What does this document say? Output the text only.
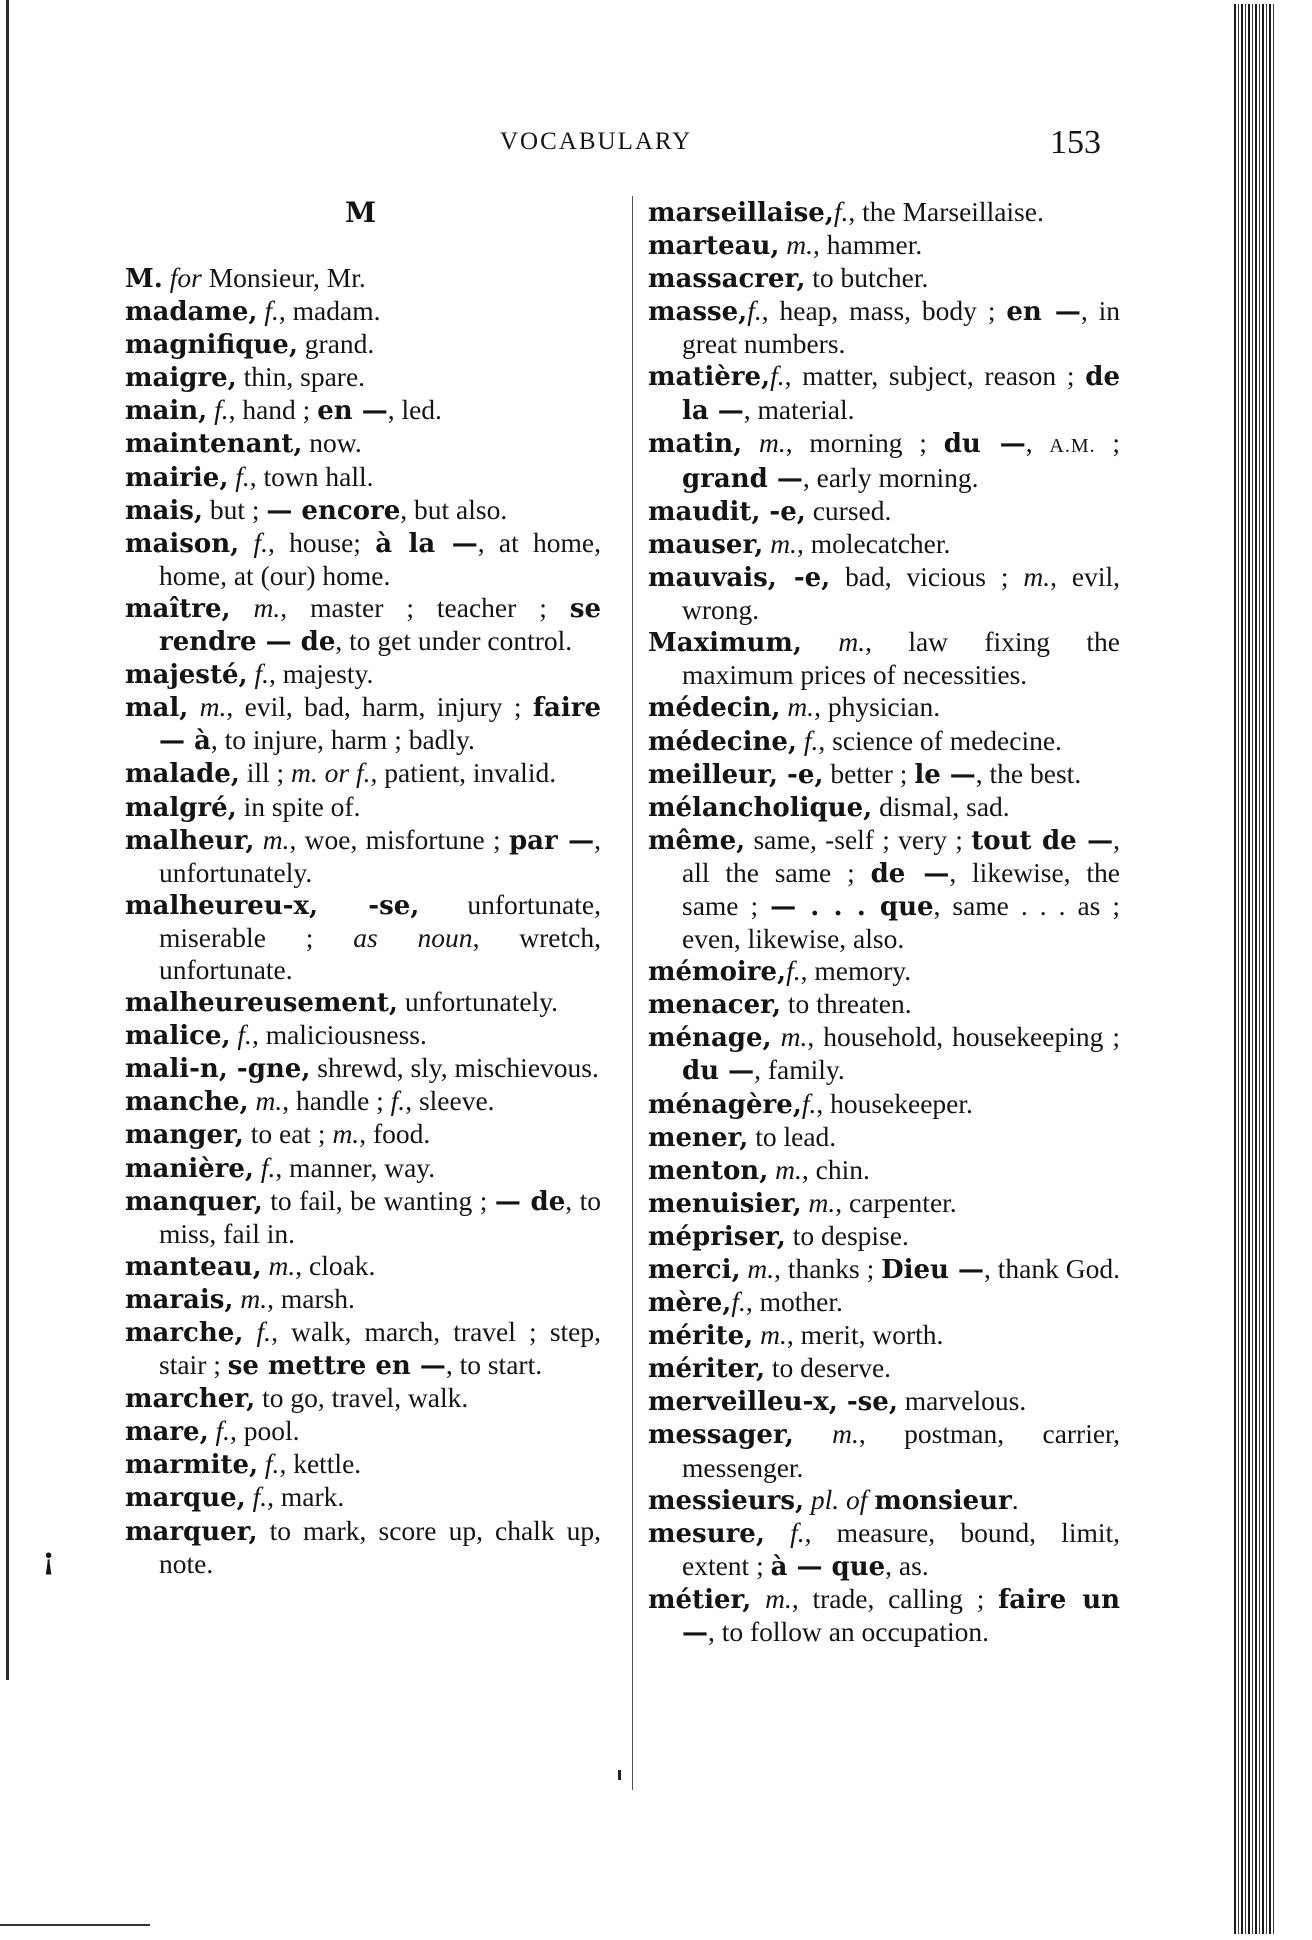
VOCABULARY	153
M

M. for Monsieur, Mr.

madame, f., madam.

magnifique, grand.

maigre, thin, spare.

main, f., hand ; en —, led.

maintenant, now.

mairie, f., town hall.

mais, but ; — encore, but also.

maison, f., house; à la —, at home, home, at (our) home.

maître, m., master ; teacher ; se rendre — de, to get under control.

majesté, f., majesty.

mal, m., evil, bad, harm, injury ; faire — à, to injure, harm ; badly.

malade, ill ; m. or f., patient, invalid.

malgré, in spite of.

malheur, m., woe, misfortune ; par —, unfortunately.

malheureu-x, -se, unfortunate, miserable ; as noun, wretch, unfortunate.

malheureusement, unfortunately.

malice, f., maliciousness.

mali-n, -gne, shrewd, sly, mischievous.

manche, m., handle ; f., sleeve.

manger, to eat ; m., food.

manière, f., manner, way.

manquer, to fail, be wanting ; — de, to miss, fail in.

manteau, m., cloak.

marais, m., marsh.

marche, f., walk, march, travel ; step, stair ; se mettre en —, to start.

marcher, to go, travel, walk.

mare, f., pool.

marmite, f., kettle.

marque, f., mark.

marquer, to mark, score up, chalk up, note.

marseillaise,f., the Marseillaise.

marteau, m., hammer.

massacrer, to butcher.

masse,f., heap, mass, body ; en —, in great numbers.

matière,f., matter, subject, reason ; de la —, material.

matin, m., morning ; du —, A.M. ; grand —, early morning.

maudit, -e, cursed.

mauser, m., molecatcher.

mauvais, -e, bad, vicious ; m., evil, wrong.

Maximum, m., law fixing the maximum prices of necessities.

médecin, m., physician.

médecine, f., science of medecine.

meilleur, -e, better ; le —, the best.

mélancholique, dismal, sad.

même, same, -self ; very ; tout de —, all the same ; de —, likewise, the same ; — . . . que, same . . . as ; even, likewise, also.

mémoire,f., memory.

menacer, to threaten.

ménage, m., household, housekeeping ; du —, family.

ménagère,f., housekeeper.

mener, to lead.

menton, m., chin.

menuisier, m., carpenter.

mépriser, to despise.

merci, m., thanks ; Dieu —, thank God.

mère,f., mother.

mérite, m., merit, worth.

mériter, to deserve.

merveilleu-x, -se, marvelous.

messager, m., postman, carrier, messenger.

messieurs, pl. of monsieur.

mesure, f., measure, bound, limit, extent ; à — que, as.

métier, m., trade, calling ; faire un —, to follow an occupation.

¡
